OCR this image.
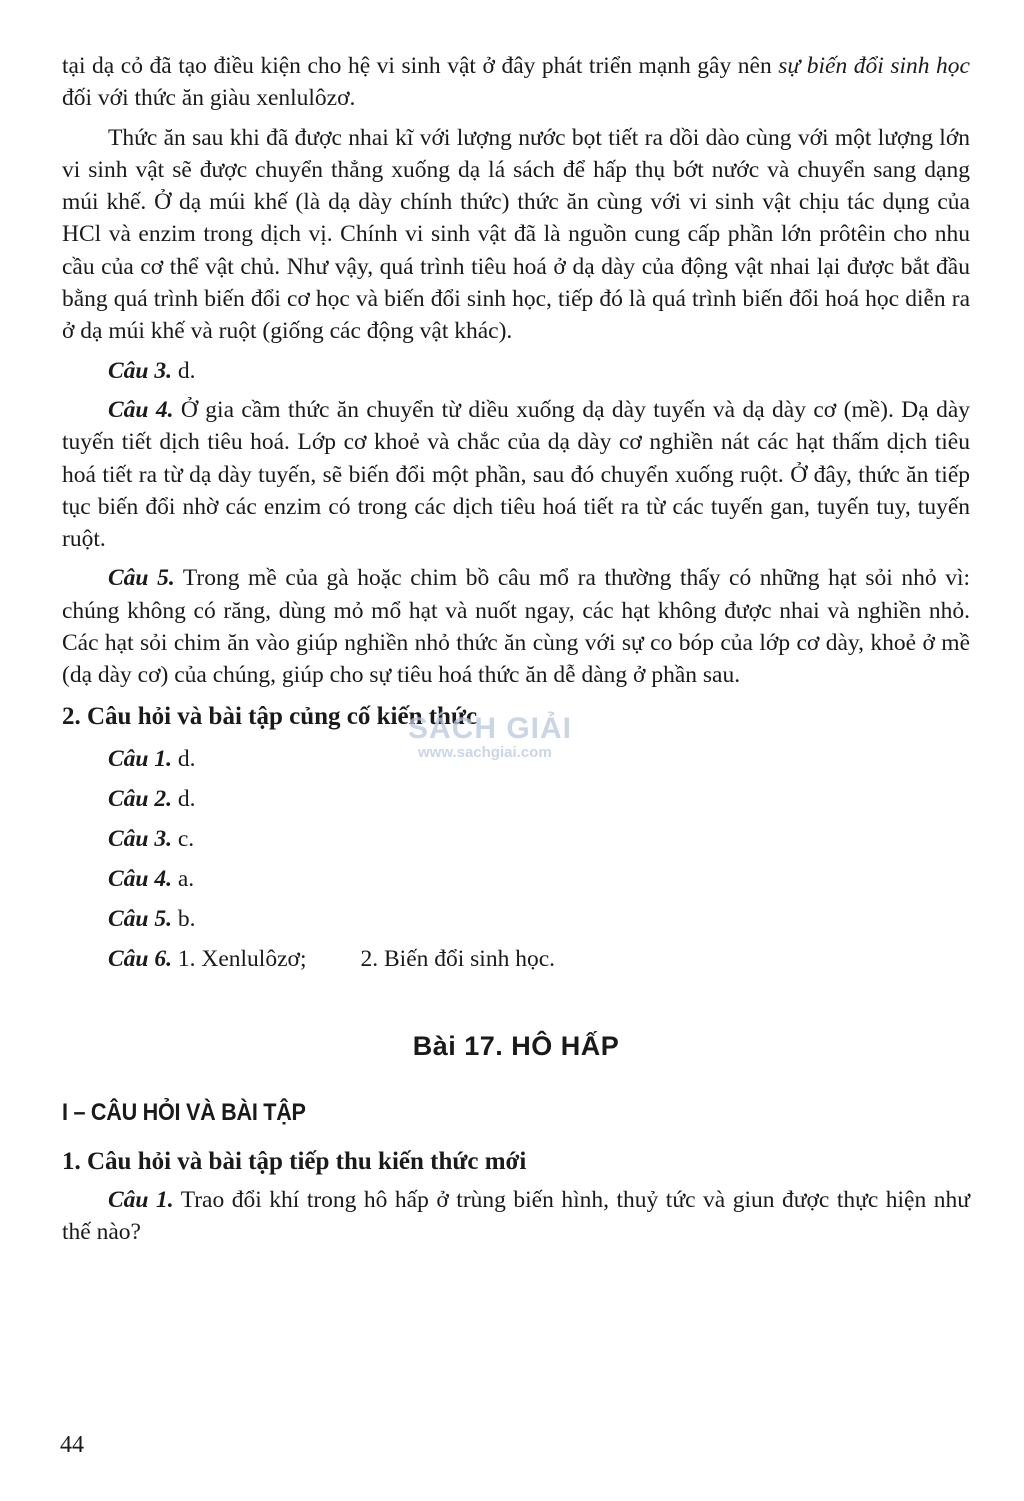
tại dạ cỏ đã tạo điều kiện cho hệ vi sinh vật ở đây phát triển mạnh gây nên sự biến đổi sinh học đối với thức ăn giàu xenlulôzơ.

Thức ăn sau khi đã được nhai kĩ với lượng nước bọt tiết ra dồi dào cùng với một lượng lớn vi sinh vật sẽ được chuyển thẳng xuống dạ lá sách để hấp thụ bớt nước và chuyển sang dạng múi khế. Ở dạ múi khế (là dạ dày chính thức) thức ăn cùng với vi sinh vật chịu tác dụng của HCl và enzim trong dịch vị. Chính vi sinh vật đã là nguồn cung cấp phần lớn prôtêin cho nhu cầu của cơ thể vật chủ. Như vậy, quá trình tiêu hoá ở dạ dày của động vật nhai lại được bắt đầu bằng quá trình biến đổi cơ học và biến đổi sinh học, tiếp đó là quá trình biến đổi hoá học diễn ra ở dạ múi khế và ruột (giống các động vật khác).

Câu 3. d.

Câu 4. Ở gia cầm thức ăn chuyển từ diều xuống dạ dày tuyến và dạ dày cơ (mề). Dạ dày tuyến tiết dịch tiêu hoá. Lớp cơ khoẻ và chắc của dạ dày cơ nghiền nát các hạt thấm dịch tiêu hoá tiết ra từ dạ dày tuyến, sẽ biến đổi một phần, sau đó chuyển xuống ruột. Ở đây, thức ăn tiếp tục biến đổi nhờ các enzim có trong các dịch tiêu hoá tiết ra từ các tuyến gan, tuyến tuy, tuyến ruột.

Câu 5. Trong mề của gà hoặc chim bồ câu mổ ra thường thấy có những hạt sỏi nhỏ vì: chúng không có răng, dùng mỏ mổ hạt và nuốt ngay, các hạt không được nhai và nghiền nhỏ. Các hạt sỏi chim ăn vào giúp nghiền nhỏ thức ăn cùng với sự co bóp của lớp cơ dày, khoẻ ở mề (dạ dày cơ) của chúng, giúp cho sự tiêu hoá thức ăn dễ dàng ở phần sau.

2. Câu hỏi và bài tập củng cố kiến thức

Câu 1. d.
Câu 2. d.
Câu 3. c.
Câu 4. a.
Câu 5. b.
Câu 6. 1. Xenlulôzơ; 2. Biến đổi sinh học.
Bài 17. HÔ HẤP
I – CÂU HỎI VÀ BÀI TẬP

1. Câu hỏi và bài tập tiếp thu kiến thức mới

Câu 1. Trao đổi khí trong hô hấp ở trùng biến hình, thuỷ tức và giun được thực hiện như thế nào?

SÁCH GIẢI
www.sachgiai.com
44
